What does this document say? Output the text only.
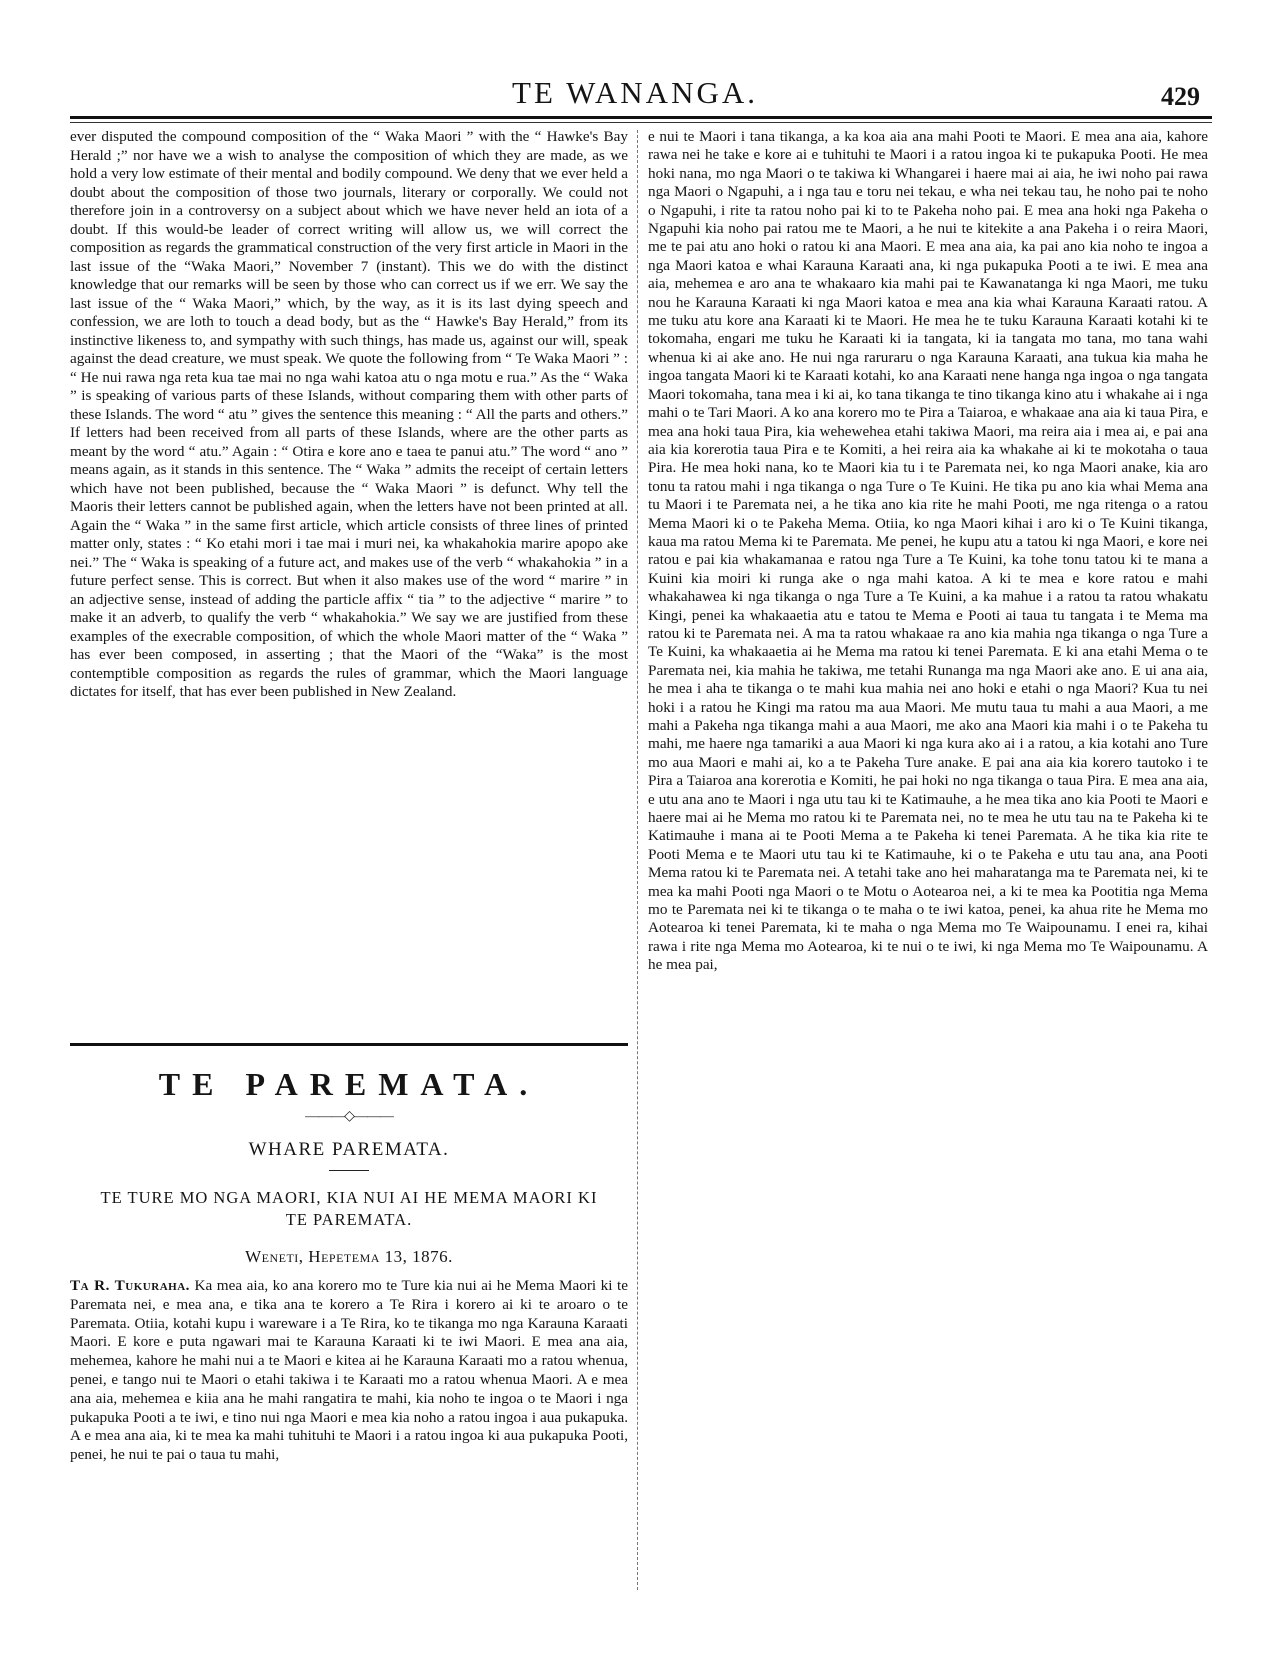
TE WANANGA.	429

ever disputed the compound composition of the “ Waka Maori ” with the “ Hawke's Bay Herald ;” nor have we a wish to analyse the composition of which they are made, as we hold a very low estimate of their mental and bodily compound. We deny that we ever held a doubt about the composition of those two journals, literary or corporally. We could not therefore join in a controversy on a subject about which we have never held an iota of a doubt. If this would-be leader of correct writing will allow us, we will correct the composition as regards the grammatical construction of the very first article in Maori in the last issue of the “Waka Maori,” November 7 (instant). This we do with the distinct knowledge that our remarks will be seen by those who can correct us if we err. We say the last issue of the “ Waka Maori,” which, by the way, as it is its last dying speech and confession, we are loth to touch a dead body, but as the “ Hawke's Bay Herald,” from its instinctive likeness to, and sympathy with such things, has made us, against our will, speak against the dead creature, we must speak. We quote the following from “ Te Waka Maori ” : “ He nui rawa nga reta kua tae mai no nga wahi katoa atu o nga motu e rua.” As the “ Waka ” is speaking of various parts of these Islands, without comparing them with other parts of these Islands. The word “ atu ” gives the sentence this meaning : “ All the parts and others.” If letters had been received from all parts of these Islands, where are the other parts as meant by the word “ atu.” Again : “ Otira e kore ano e taea te panui atu.” The word “ ano ” means again, as it stands in this sentence. The “ Waka ” admits the receipt of certain letters which have not been published, because the “ Waka Maori ” is defunct. Why tell the Maoris their letters cannot be published again, when the letters have not been printed at all. Again the “ Waka ” in the same first article, which article consists of three lines of printed matter only, states : “ Ko etahi mori i tae mai i muri nei, ka whakahokia marire apopo ake nei.” The “ Waka is speaking of a future act, and makes use of the verb “ whakahokia ” in a future perfect sense. This is correct. But when it also makes use of the word “ marire ” in an adjective sense, instead of adding the particle affix “ tia ” to the adjective “ marire ” to make it an adverb, to qualify the verb “ whakahokia.” We say we are justified from these examples of the execrable composition, of which the whole Maori matter of the “ Waka ” has ever been composed, in asserting ; that the Maori of the “Waka” is the most contemptible composition as regards the rules of grammar, which the Maori language dictates for itself, that has ever been published in New Zealand.

TE PAREMATA.
———◇———
WHARE PAREMATA.
TE TURE MO NGA MAORI, KIA NUI AI HE MEMA MAORI KI TE PAREMATA.
Weneti, Hepetema 13, 1876.

Ta R. Tukuraha. Ka mea aia, ko ana korero mo te Ture kia nui ai he Mema Maori ki te Paremata nei, e mea ana, e tika ana te korero a Te Rira i korero ai ki te aroaro o te Paremata. Otiia, kotahi kupu i wareware i a Te Rira, ko te tikanga mo nga Karauna Karaati Maori. E kore e puta ngawari mai te Karauna Karaati ki te iwi Maori. E mea ana aia, mehemea, kahore he mahi nui a te Maori e kitea ai he Karauna Karaati mo a ratou whenua, penei, e tango nui te Maori o etahi takiwa i te Karaati mo a ratou whenua Maori. A e mea ana aia, mehemea e kiia ana he mahi rangatira te mahi, kia noho te ingoa o te Maori i nga pukapuka Pooti a te iwi, e tino nui nga Maori e mea kia noho a ratou ingoa i aua pukapuka. A e mea ana aia, ki te mea ka mahi tuhituhi te Maori i a ratou ingoa ki aua pukapuka Pooti, penei, he nui te pai o taua tu mahi,

e nui te Maori i tana tikanga, a ka koa aia ana mahi Pooti te Maori. E mea ana aia, kahore rawa nei he take e kore ai e tuhituhi te Maori i a ratou ingoa ki te pukapuka Pooti. He mea hoki nana, mo nga Maori o te takiwa ki Whangarei i haere mai ai aia, he iwi noho pai rawa nga Maori o Ngapuhi, a i nga tau e toru nei tekau, e wha nei tekau tau, he noho pai te noho o Ngapuhi, i rite ta ratou noho pai ki to te Pakeha noho pai. E mea ana hoki nga Pakeha o Ngapuhi kia noho pai ratou me te Maori, a he nui te kitekite a ana Pakeha i o reira Maori, me te pai atu ano hoki o ratou ki ana Maori. E mea ana aia, ka pai ano kia noho te ingoa a nga Maori katoa e whai Karauna Karaati ana, ki nga pukapuka Pooti a te iwi. E mea ana aia, mehemea e aro ana te whakaaro kia mahi pai te Kawanatanga ki nga Maori, me tuku nou he Karauna Karaati ki nga Maori katoa e mea ana kia whai Karauna Karaati ratou. A me tuku atu kore ana Karaati ki te Maori. He mea he te tuku Karauna Karaati kotahi ki te tokomaha, engari me tuku he Karaati ki ia tangata, ki ia tangata mo tana, mo tana wahi whenua ki ai ake ano. He nui nga raruraru o nga Karauna Karaati, ana tukua kia maha he ingoa tangata Maori ki te Karaati kotahi, ko ana Karaati nene hanga nga ingoa o nga tangata Maori tokomaha, tana mea i ki ai, ko tana tikanga te tino tikanga kino atu i whakahe ai i nga mahi o te Tari Maori. A ko ana korero mo te Pira a Taiaroa, e whakaae ana aia ki taua Pira, e mea ana hoki taua Pira, kia wehewehea etahi takiwa Maori, ma reira aia i mea ai, e pai ana aia kia korerotia taua Pira e te Komiti, a hei reira aia ka whakahe ai ki te mokotaha o taua Pira. He mea hoki nana, ko te Maori kia tu i te Paremata nei, ko nga Maori anake, kia aro tonu ta ratou mahi i nga tikanga o nga Ture o Te Kuini. He tika pu ano kia whai Mema ana tu Maori i te Paremata nei, a he tika ano kia rite he mahi Pooti, me nga ritenga o a ratou Mema Maori ki o te Pakeha Mema. Otiia, ko nga Maori kihai i aro ki o Te Kuini tikanga, kaua ma ratou Mema ki te Paremata. Me penei, he kupu atu a tatou ki nga Maori, e kore nei ratou e pai kia whakamanaa e ratou nga Ture a Te Kuini, ka tohe tonu tatou ki te mana a Kuini kia moiri ki runga ake o nga mahi katoa. A ki te mea e kore ratou e mahi whakahawea ki nga tikanga o nga Ture a Te Kuini, a ka mahue i a ratou ta ratou whakatu Kingi, penei ka whakaaetia atu e tatou te Mema e Pooti ai taua tu tangata i te Mema ma ratou ki te Paremata nei. A ma ta ratou whakaae ra ano kia mahia nga tikanga o nga Ture a Te Kuini, ka whakaaetia ai he Mema ma ratou ki tenei Paremata. E ki ana etahi Mema o te Paremata nei, kia mahia he takiwa, me tetahi Runanga ma nga Maori ake ano. E ui ana aia, he mea i aha te tikanga o te mahi kua mahia nei ano hoki e etahi o nga Maori? Kua tu nei hoki i a ratou he Kingi ma ratou ma aua Maori. Me mutu taua tu mahi a aua Maori, a me mahi a Pakeha nga tikanga mahi a aua Maori, me ako ana Maori kia mahi i o te Pakeha tu mahi, me haere nga tamariki a aua Maori ki nga kura ako ai i a ratou, a kia kotahi ano Ture mo aua Maori e mahi ai, ko a te Pakeha Ture anake. E pai ana aia kia korero tautoko i te Pira a Taiaroa ana korerotia e Komiti, he pai hoki no nga tikanga o taua Pira. E mea ana aia, e utu ana ano te Maori i nga utu tau ki te Katimauhe, a he mea tika ano kia Pooti te Maori e haere mai ai he Mema mo ratou ki te Paremata nei, no te mea he utu tau na te Pakeha ki te Katimauhe i mana ai te Pooti Mema a te Pakeha ki tenei Paremata. A he tika kia rite te Pooti Mema e te Maori utu tau ki te Katimauhe, ki o te Pakeha e utu tau ana, ana Pooti Mema ratou ki te Paremata nei. A tetahi take ano hei maharatanga ma te Paremata nei, ki te mea ka mahi Pooti nga Maori o te Motu o Aotearoa nei, a ki te mea ka Pootitia nga Mema mo te Paremata nei ki te tikanga o te maha o te iwi katoa, penei, ka ahua rite he Mema mo Aotearoa ki tenei Paremata, ki te maha o nga Mema mo Te Waipounamu. I enei ra, kihai rawa i rite nga Mema mo Aotearoa, ki te nui o te iwi, ki nga Mema mo Te Waipounamu. A he mea pai,
